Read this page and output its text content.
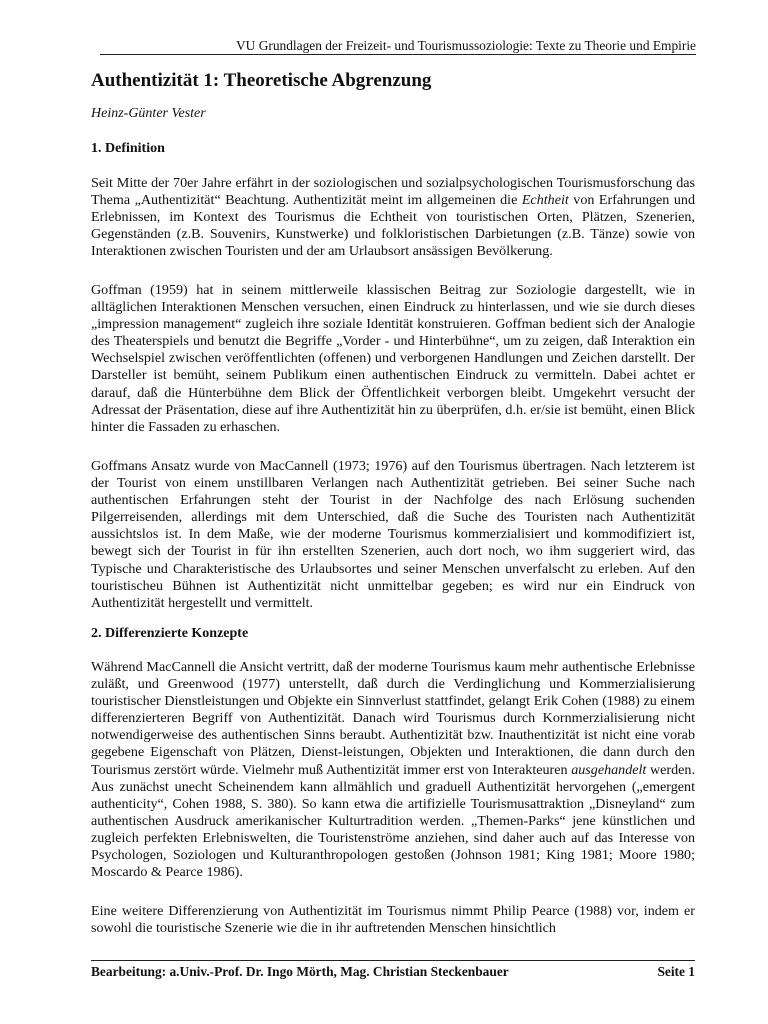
VU Grundlagen der Freizeit- und Tourismussoziologie: Texte zu Theorie und Empirie
Authentizität 1: Theoretische Abgrenzung

Heinz-Günter Vester

1. Definition

Seit Mitte der 70er Jahre erfährt in der soziologischen und sozialpsychologischen Tourismusforschung das Thema „Authentizität“ Beachtung. Authentizität meint im allgemeinen die Echtheit von Erfahrungen und Erlebnissen, im Kontext des Tourismus die Echtheit von touristischen Orten, Plätzen, Szenerien, Gegenständen (z.B. Souvenirs, Kunstwerke) und folkloristischen Darbietungen (z.B. Tänze) sowie von Interaktionen zwischen Touristen und der am Urlaubsort ansässigen Bevölkerung.

Goffman (1959) hat in seinem mittlerweile klassischen Beitrag zur Soziologie dargestellt, wie in alltäglichen Interaktionen Menschen versuchen, einen Eindruck zu hinterlassen, und wie sie durch dieses „impression management“ zugleich ihre soziale Identität konstruieren. Goffman bedient sich der Analogie des Theaterspiels und benutzt die Begriffe „Vorder - und Hinterbühne“, um zu zeigen, daß Interaktion ein Wechselspiel zwischen veröffentlichten (offenen) und verborgenen Handlungen und Zeichen darstellt. Der Darsteller ist bemüht, seinem Publikum einen authentischen Eindruck zu vermitteln. Dabei achtet er darauf, daß die Hünterbühne dem Blick der Öffentlichkeit verborgen bleibt. Umgekehrt versucht der Adressat der Präsentation, diese auf ihre Authentizität hin zu überprüfen, d.h. er/sie ist bemüht, einen Blick hinter die Fassaden zu erhaschen.

Goffmans Ansatz wurde von MacCannell (1973; 1976) auf den Tourismus übertragen. Nach letzterem ist der Tourist von einem unstillbaren Verlangen nach Authentizität getrieben. Bei seiner Suche nach authentischen Erfahrungen steht der Tourist in der Nachfolge des nach Erlösung suchenden Pilgerreisenden, allerdings mit dem Unterschied, daß die Suche des Touristen nach Authentizität aussichtslos ist. In dem Maße, wie der moderne Tourismus kommerzialisiert und kommodifiziert ist, bewegt sich der Tourist in für ihn erstellten Szenerien, auch dort noch, wo ihm suggeriert wird, das Typische und Charakteristische des Urlaubsortes und seiner Menschen unverfalscht zu erleben. Auf den touristischeu Bühnen ist Authentizität nicht unmittelbar gegeben; es wird nur ein Eindruck von Authentizität hergestellt und vermittelt.

2. Differenzierte Konzepte

Während MacCannell die Ansicht vertritt, daß der moderne Tourismus kaum mehr authentische Erlebnisse zuläßt, und Greenwood (1977) unterstellt, daß durch die Verdinglichung und Kommerzialisierung touristischer Dienstleistungen und Objekte ein Sinnverlust stattfindet, gelangt Erik Cohen (1988) zu einem differenzierteren Begriff von Authentizität. Danach wird Tourismus durch Kornmerzialisierung nicht notwendigerweise des authentischen Sinns beraubt. Authentizität bzw. Inauthentizität ist nicht eine vorab gegebene Eigenschaft von Plätzen, Dienst-leistungen, Objekten und Interaktionen, die dann durch den Tourismus zerstört würde. Vielmehr muß Authentizität immer erst von Interakteuren ausgehandelt werden. Aus zunächst unecht Scheinendem kann allmählich und graduell Authentizität hervorgehen („emergent authenticity“, Cohen 1988, S. 380). So kann etwa die artifizielle Tourismusattraktion „Disneyland“ zum authentischen Ausdruck amerikanischer Kulturtradition werden. „Themen-Parks“ jene künstlichen und zugleich perfekten Erlebniswelten, die Touristenströme anziehen, sind daher auch auf das Interesse von Psychologen, Soziologen und Kulturanthropologen gestoßen (Johnson 1981; King 1981; Moore 1980; Moscardo & Pearce 1986).

Eine weitere Differenzierung von Authentizität im Tourismus nimmt Philip Pearce (1988) vor, indem er sowohl die touristische Szenerie wie die in ihr auftretenden Menschen hinsichtlich

Bearbeitung: a.Univ.-Prof. Dr. Ingo Mörth, Mag. Christian Steckenbauer	Seite 1
